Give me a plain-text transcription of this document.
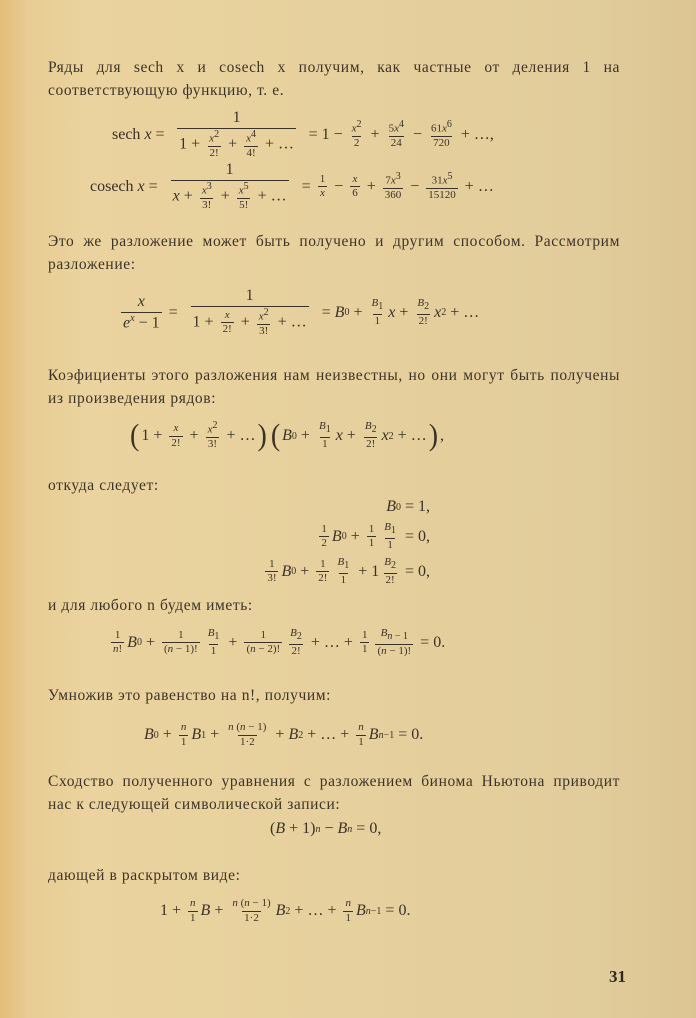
Ряды для sech x и cosech x получим, как частные от деления 1 на соответствующую функцию, т. е.
sech $x = \frac{1}{1 + \frac{x^2}{2!} + \frac{x^4}{4!} + \dots} = 1 - \frac{x^2}{2} + \frac{5x^4}{24} - \frac{61x^6}{720}$ + …,
cosech $x = \frac{1}{x + \frac{x^3}{3!} + \frac{x^5}{5!} + \dots} = \frac{1}{x} - \frac{x}{6} + \frac{7x^3}{360} - \frac{31x^5}{15120}$ + …
Это же разложение может быть получено и другим способом. Рассмотрим разложение:
$\frac{x}{e^x - 1} = \frac{1}{1 + \frac{x}{2!} + \frac{x^2}{3!} + \dots} = B$ $0 + \frac{B_1}{1}$ $x + \frac{B_2}{2!}$ x 2 + …
Коэфициенты этого разложения нам неизвестны, но они могут быть получены из произведения рядов:
( $1 + \frac{x}{2!} + \frac{x^2}{3!}$ + … ) ( B $0 + \frac{B_1}{1}$ $x + \frac{B_2}{2!}$ x 2 + … ) ,
откуда следует:
B 0 = 1,
$\frac{1}{2}$ B $0 + \frac{1}{1} \frac{B_1}{1} = 0$,
$\frac{1}{3!}$ B $0 + \frac{1}{2!} \frac{B_1}{1} + 1 \frac{B_2}{2!} = 0$,
и для любого n будем иметь:
$\frac{1}{n!}$ B $0 + \frac{1}{(n - 1)!} \frac{B_1}{1} + \frac{1}{(n - 2)!} \frac{B_2}{2!}$ + … + $\frac{1}{1} \frac{B_{n - 1}}{(n - 1)!} = 0$.
Умножив это равенство на n!, получим:
B $0 + \frac{n}{1}$ B $1 + \frac{n (n - 1)}{1\cdot 2} + B$ 2 + … + $\frac{n}{1}$ B n−1 = 0.
Сходство полученного уравнения с разложением бинома Ньютона приводит нас к следующей символической записи:
( B + 1) n − B n = 0,
дающей в раскрытом виде:
$1 + \frac{n}{1}$ $B + \frac{n (n - 1)}{1\cdot 2}$ B 2 + … + $\frac{n}{1}$ B n−1 = 0.
31
